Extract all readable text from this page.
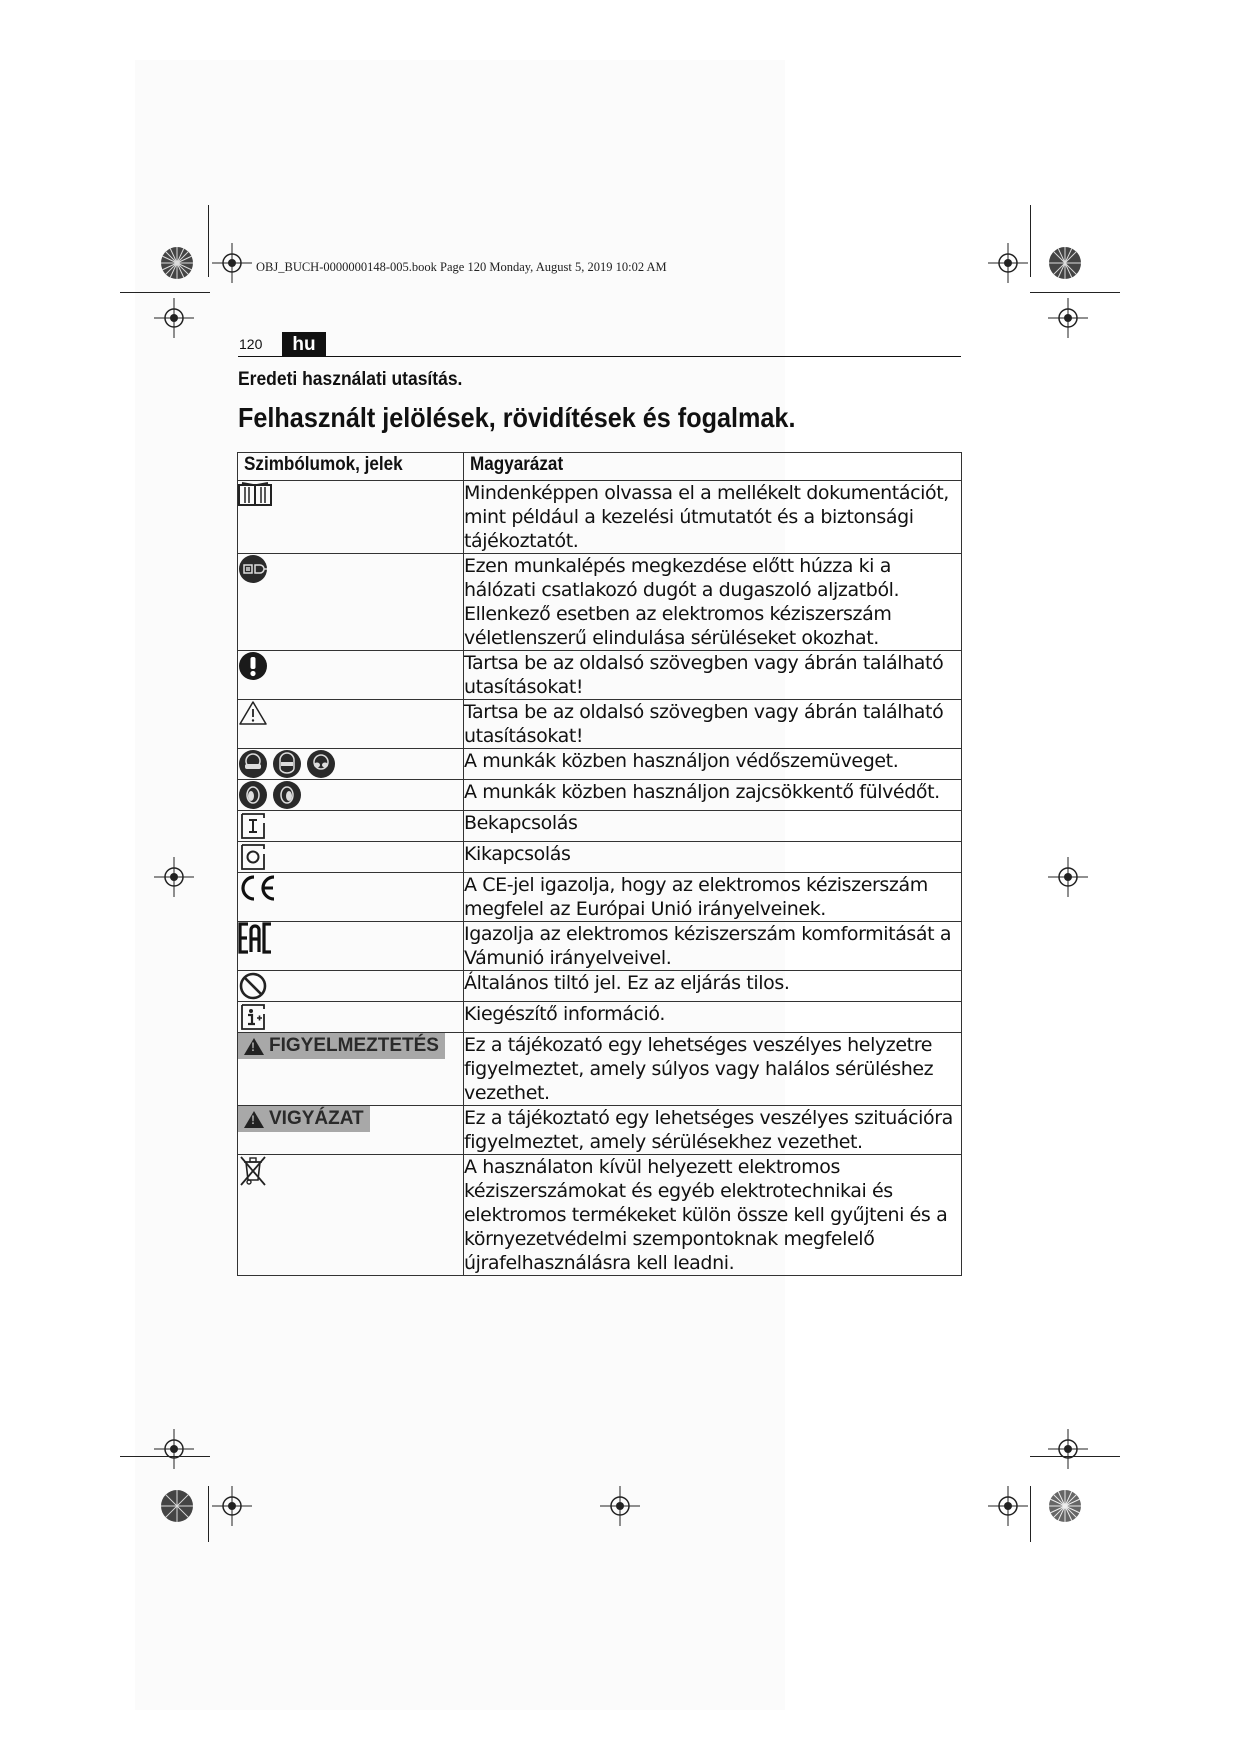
OBJ_BUCH-0000000148-005.book Page 120 Monday, August 5, 2019 10:02 AM
120	hu
Eredeti használati utasítás.
Felhasznált jelölések, rövidítések és fogalmak.
Szimbólumok, jelek	Magyarázat

	Mindenképpen olvassa el a mellékelt dokumentációt, mint például a kezelési útmutatót és a biztonsági tájékoztatót.

	Ezen munkalépés megkezdése előtt húzza ki a hálózati csatlakozó dugót a dugaszoló aljzatból. Ellenkező esetben az elektromos kéziszerszám véletlenszerű elindulása sérüléseket okozhat.

	Tartsa be az oldalsó szövegben vagy ábrán található utasításokat!

	Tartsa be az oldalsó szövegben vagy ábrán található utasításokat!

	A munkák közben használjon védőszemüveget.

	A munkák közben használjon zajcsökkentő fülvédőt.

	Bekapcsolás

	Kikapcsolás

	A CE-jel igazolja, hogy az elektromos kéziszerszám megfelel az Európai Unió irányelveinek.

	Igazolja az elektromos kéziszerszám komformitását a Vámunió irányelveivel.

	Általános tiltó jel. Ez az eljárás tilos.

	Kiegészítő információ.

!
FIGYELMEZTETÉS	Ez a tájékozató egy lehetséges veszélyes helyzetre figyelmeztet, amely súlyos vagy halálos sérüléshez vezethet.

!
VIGYÁZAT	Ez a tájékoztató egy lehetséges veszélyes szituációra figyelmeztet, amely sérülésekhez vezethet.

	A használaton kívül helyezett elektromos kéziszerszámokat és egyéb elektrotechnikai és elektromos termékeket külön össze kell gyűjteni és a környezetvédelmi szempontoknak megfelelő újrafelhasználásra kell leadni.
